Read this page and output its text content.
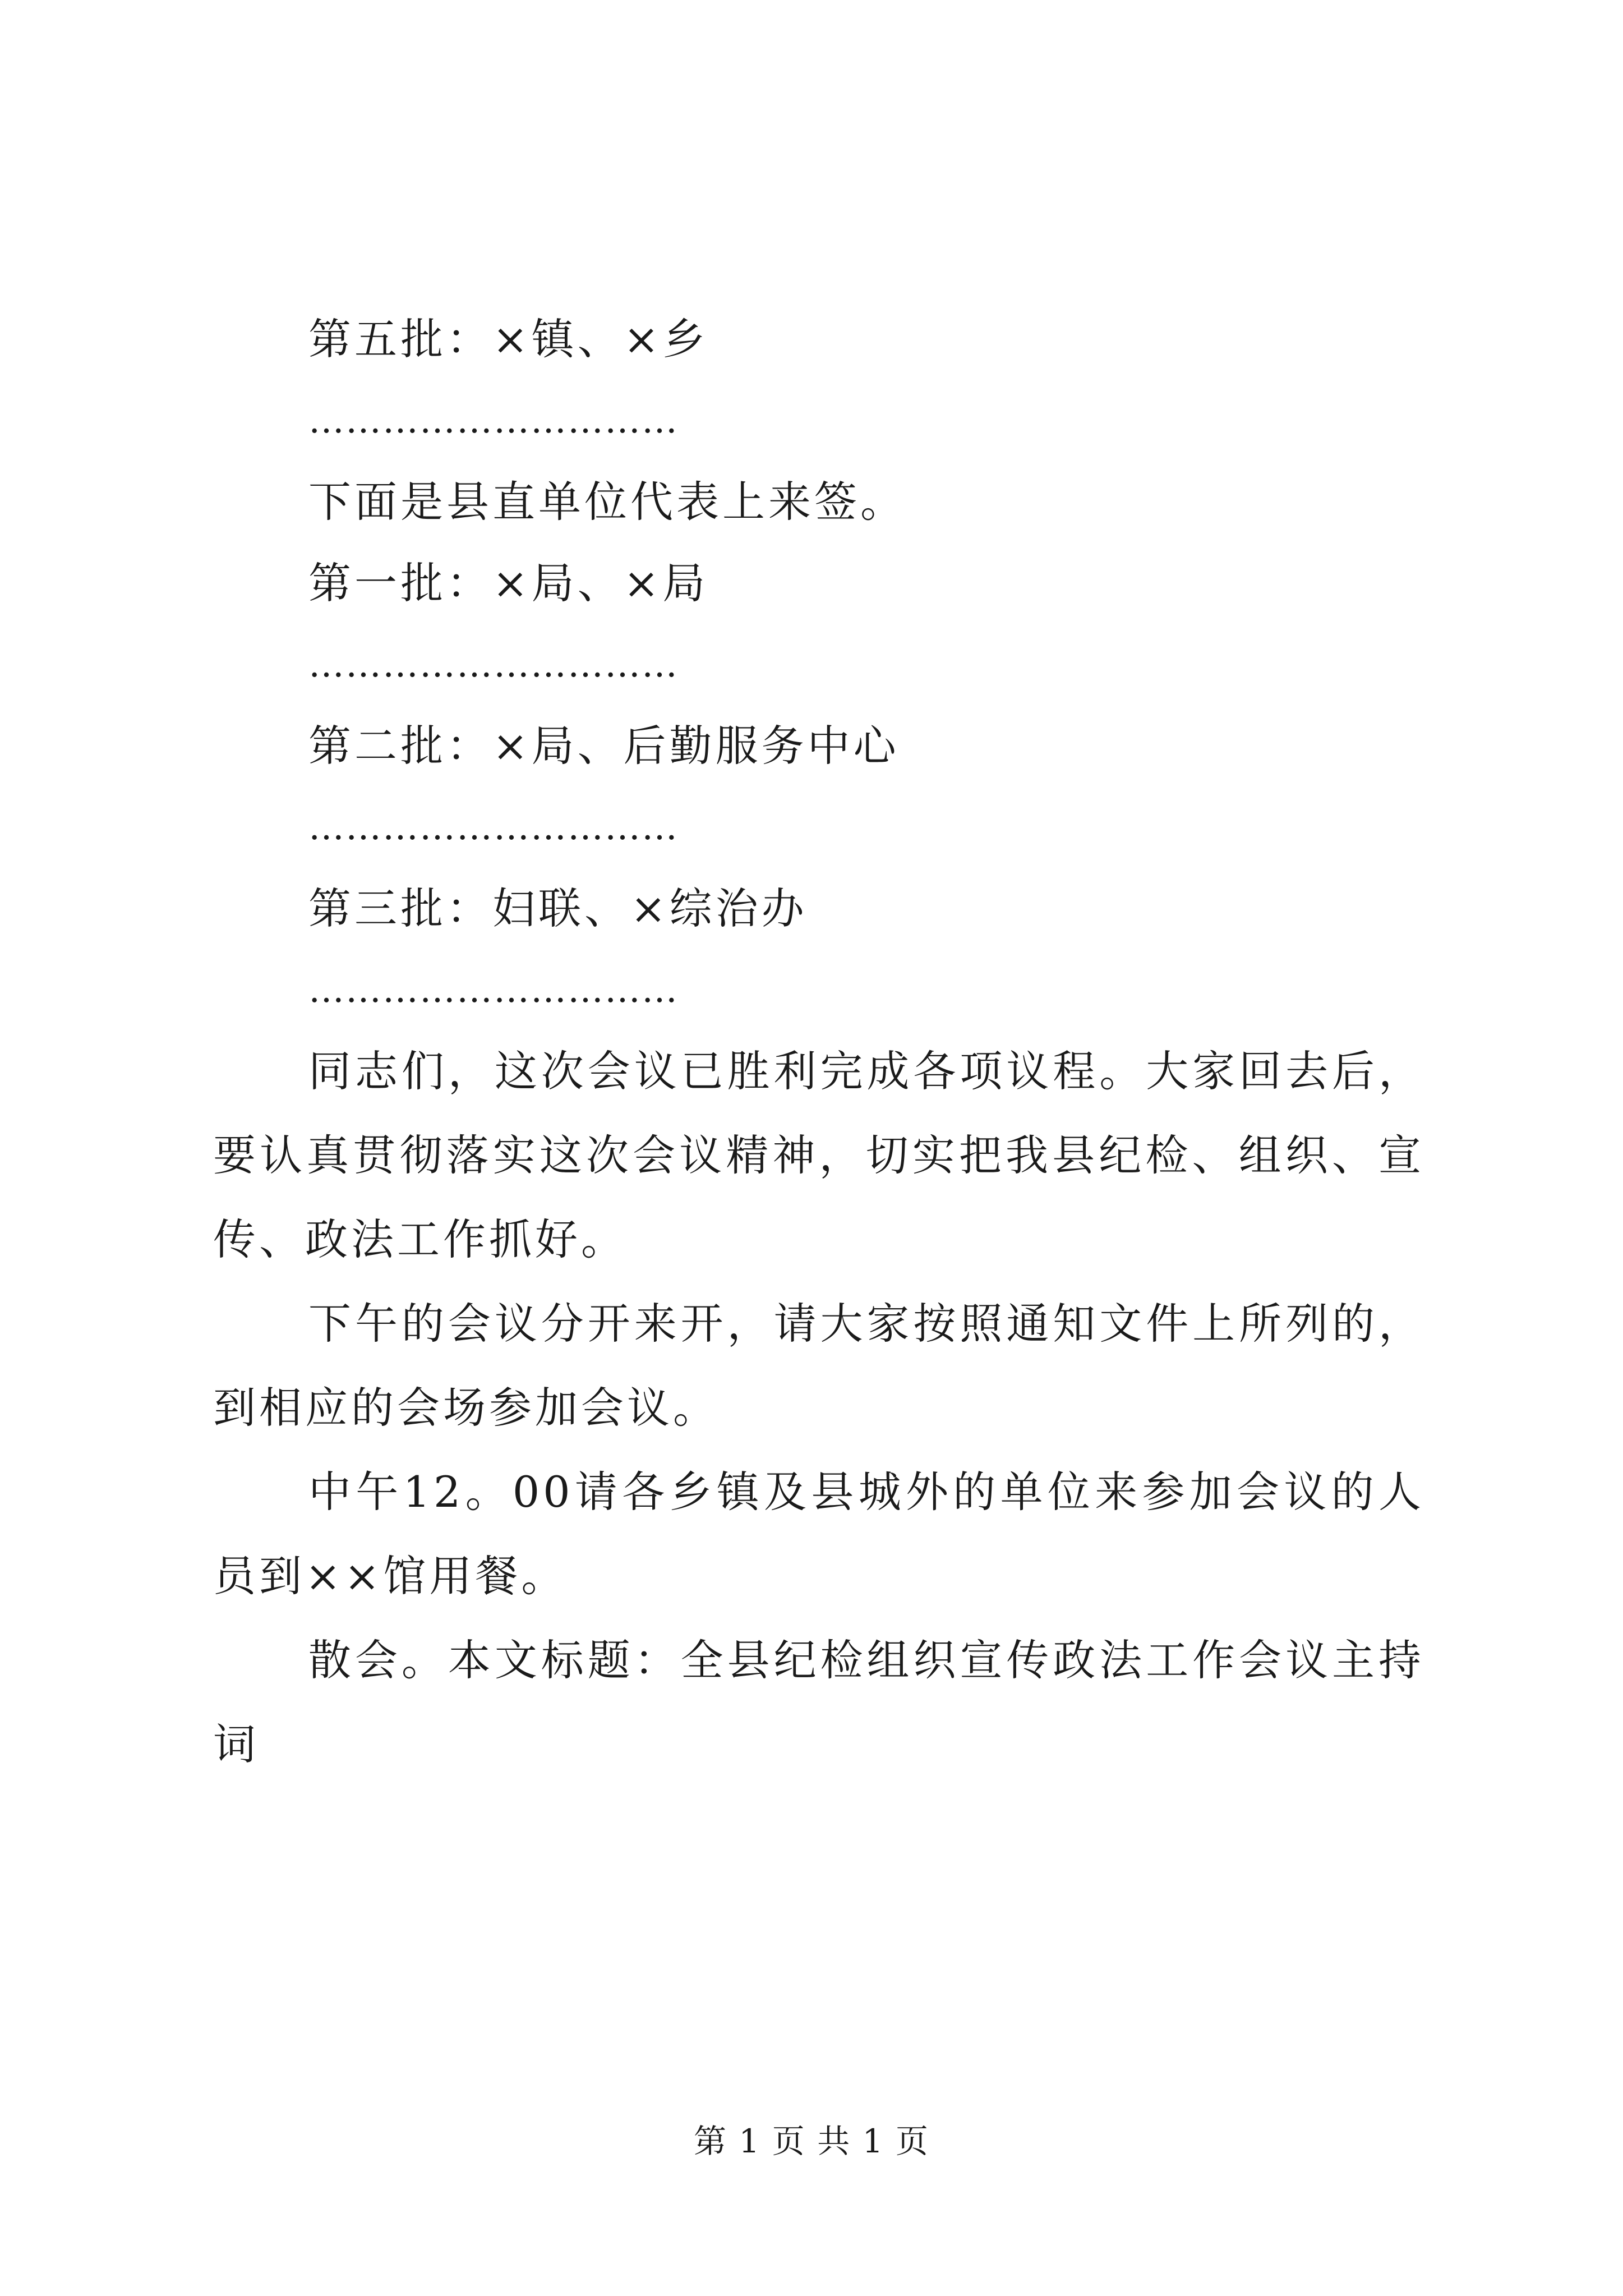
第五批：×镇、×乡
…………………………
下面是县直单位代表上来签。
第一批：×局、×局
…………………………
第二批：×局、后勤服务中心
…………………………
第三批：妇联、×综治办
…………………………

同志们，这次会议已胜利完成各项议程。大家回去后，要认真贯彻落实这次会议精神，切实把我县纪检、组织、宣传、政法工作抓好。

下午的会议分开来开，请大家按照通知文件上所列的，到相应的会场参加会议。

中午12。00请各乡镇及县城外的单位来参加会议的人员到××馆用餐。

散会。本文标题：全县纪检组织宣传政法工作会议主持词

第 1 页 共 1 页
